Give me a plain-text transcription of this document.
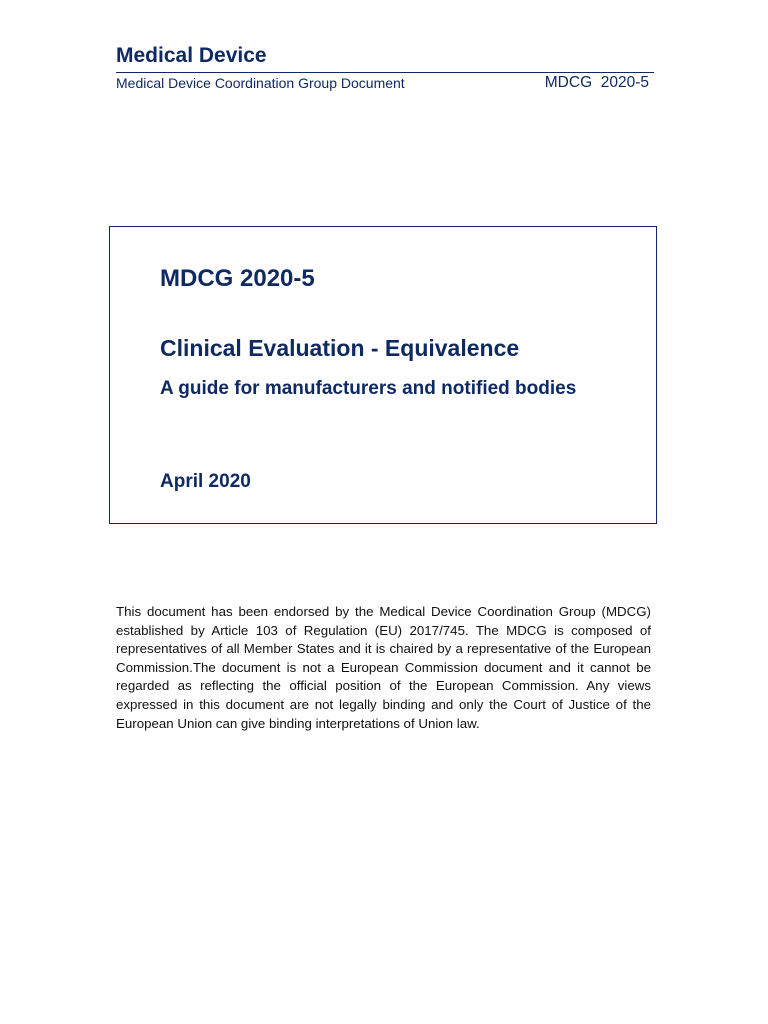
Medical Device
Medical Device Coordination Group Document	MDCG  2020-5
MDCG 2020-5
Clinical Evaluation - Equivalence
A guide for manufacturers and notified bodies
April 2020
This document has been endorsed by the Medical Device Coordination Group (MDCG) established by Article 103 of Regulation (EU) 2017/745. The MDCG is composed of representatives of all Member States and it is chaired by a representative of the European Commission.The document is not a European Commission document and it cannot be regarded as reflecting the official position of the European Commission. Any views expressed in this document are not legally binding and only the Court of Justice of the European Union can give binding interpretations of Union law.
